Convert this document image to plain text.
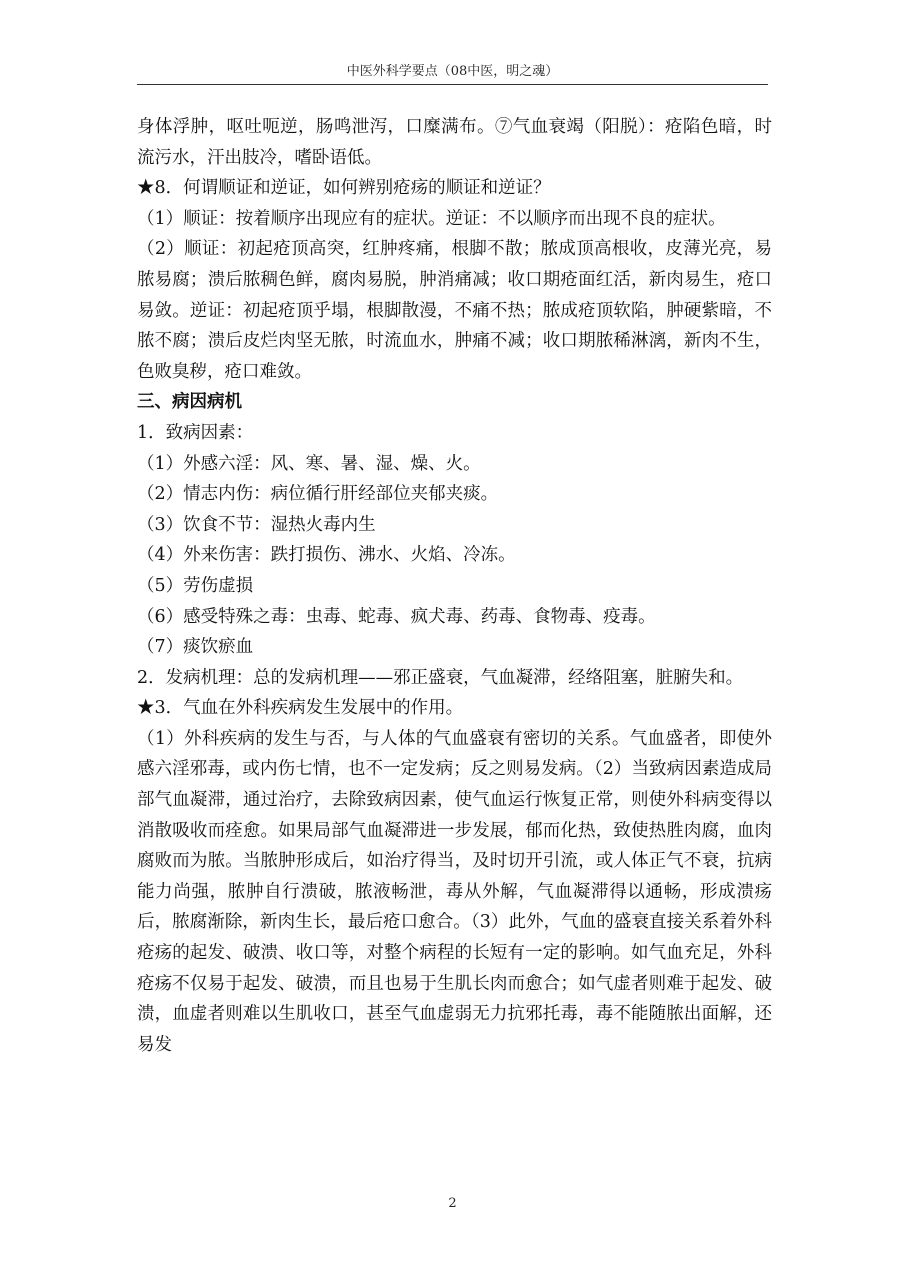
中医外科学要点（08中医，明之魂）

身体浮肿，呕吐呃逆，肠鸣泄泻，口糜满布。⑦气血衰竭（阳脱）：疮陷色暗，时流污水，汗出肢冷，嗜卧语低。

★8．何谓顺证和逆证，如何辨别疮疡的顺证和逆证？

（1）顺证：按着顺序出现应有的症状。逆证：不以顺序而出现不良的症状。

（2）顺证：初起疮顶高突，红肿疼痛，根脚不散；脓成顶高根收，皮薄光亮，易脓易腐；溃后脓稠色鲜，腐肉易脱，肿消痛减；收口期疮面红活，新肉易生，疮口易敛。逆证：初起疮顶乎塌，根脚散漫，不痛不热；脓成疮顶软陷，肿硬紫暗，不脓不腐；溃后皮烂肉坚无脓，时流血水，肿痛不减；收口期脓稀淋漓，新肉不生，色败臭秽，疮口难敛。

三、病因病机

1．致病因素：

（1）外感六淫：风、寒、暑、湿、燥、火。

（2）情志内伤：病位循行肝经部位夹郁夹痰。

（3）饮食不节：湿热火毒内生

（4）外来伤害：跌打损伤、沸水、火焰、冷冻。

（5）劳伤虚损

（6）感受特殊之毒：虫毒、蛇毒、疯犬毒、药毒、食物毒、疫毒。

（7）痰饮瘀血

2．发病机理：总的发病机理——邪正盛衰，气血凝滞，经络阻塞，脏腑失和。

★3．气血在外科疾病发生发展中的作用。

（1）外科疾病的发生与否，与人体的气血盛衰有密切的关系。气血盛者，即使外感六淫邪毒，或内伤七情，也不一定发病；反之则易发病。（2）当致病因素造成局部气血凝滞，通过治疗，去除致病因素，使气血运行恢复正常，则使外科病变得以消散吸收而痊愈。如果局部气血凝滞进一步发展，郁而化热，致使热胜肉腐，血肉腐败而为脓。当脓肿形成后，如治疗得当，及时切开引流，或人体正气不衰，抗病能力尚强，脓肿自行溃破，脓液畅泄，毒从外解，气血凝滞得以通畅，形成溃疡后，脓腐渐除，新肉生长，最后疮口愈合。（3）此外，气血的盛衰直接关系着外科疮疡的起发、破溃、收口等，对整个病程的长短有一定的影响。如气血充足，外科疮疡不仅易于起发、破溃，而且也易于生肌长肉而愈合；如气虚者则难于起发、破溃，血虚者则难以生肌收口，甚至气血虚弱无力抗邪托毒，毒不能随脓出面解，还易发

2
